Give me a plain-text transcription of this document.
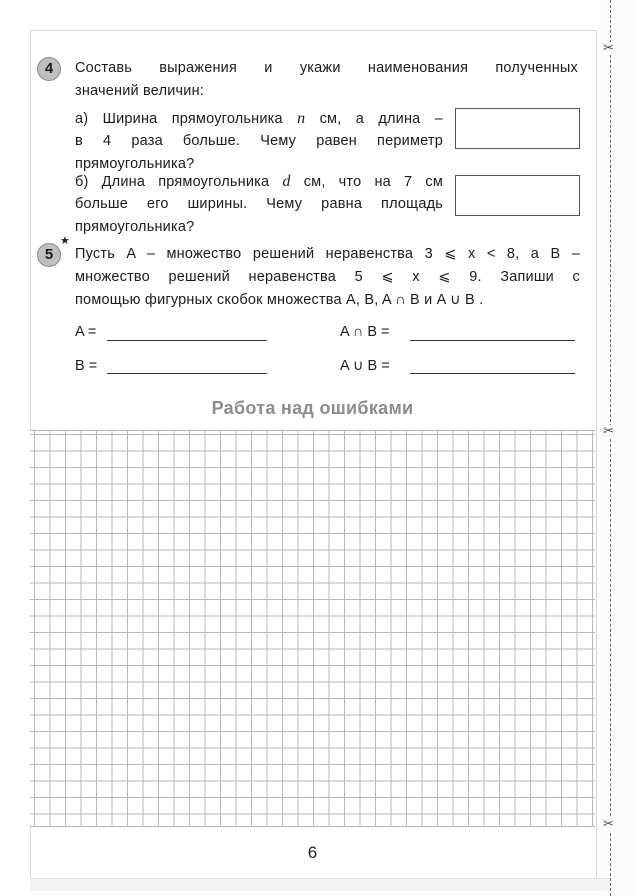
✂
✂
✂
4	Составь выражения и укажи наименования полученных
значений величин:
а) Ширина прямоугольника n см, а длина –
в 4 раза больше. Чему равен периметр
прямоугольника?
б) Длина прямоугольника d см, что на 7 см
больше его ширины. Чему равна площадь
прямоугольника?
★
5	Пусть A – множество решений неравенства 3 ⩽ x < 8, а B –
множество решений неравенства 5 ⩽ x ⩽ 9. Запиши с
помощью фигурных скобок множества A, B, A ∩ B и A ∪ B .
A =	A ∩ B =
B =	A ∪ B =
Работа над ошибками
6
